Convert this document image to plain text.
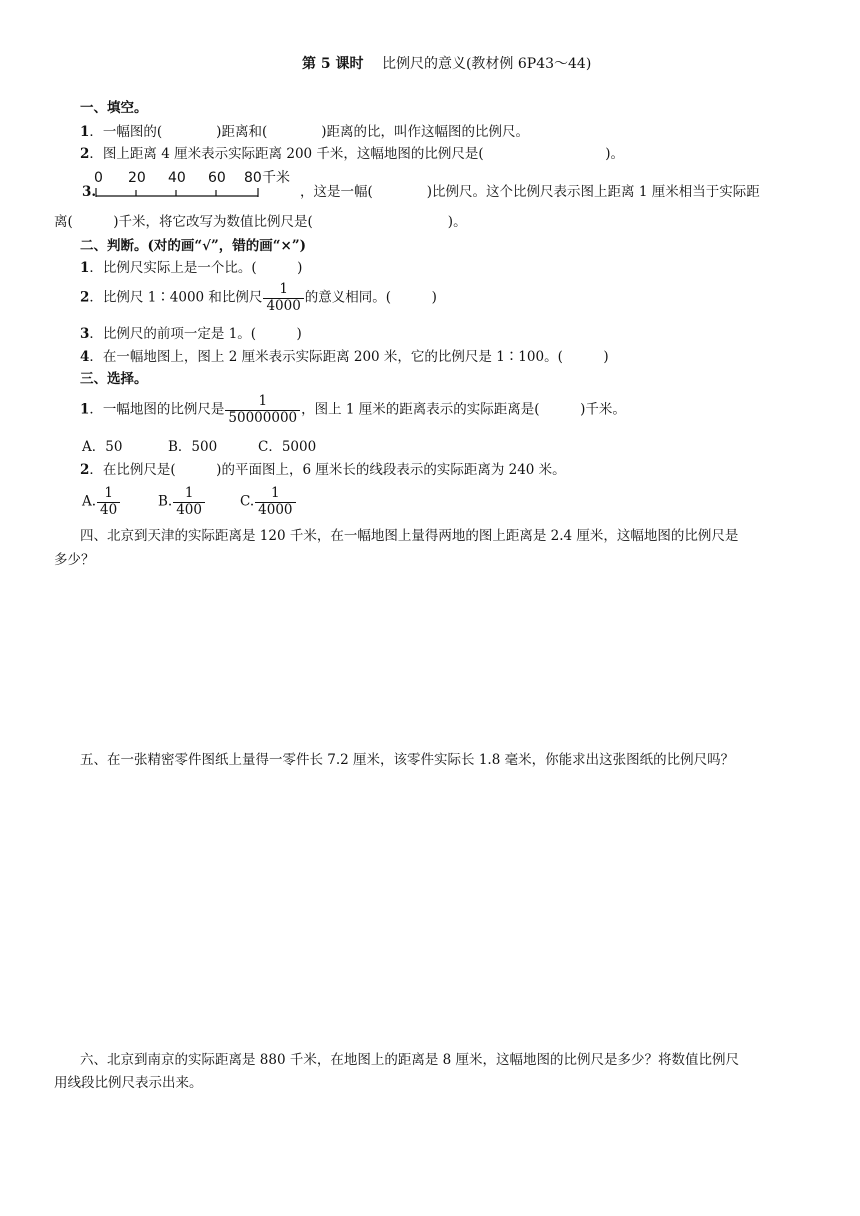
第 5 课时　 比例尺的意义(教材例 6P43～44)
一、填空。
1．一幅图的(　　　　)距离和(　　　　)距离的比，叫作这幅图的比例尺。
2．图上距离 4 厘米表示实际距离 200 千米，这幅地图的比例尺是(　　　　　　　　　)。
3.
0 20 40 60 80 千米
，这是一幅(　　　　)比例尺。这个比例尺表示图上距离 1 厘米相当于实际距
离(　　　)千米，将它改写为数值比例尺是(　　　　　　　　　　)。
二、判断。(对的画“√”，错的画“×”)
1．比例尺实际上是一个比。(　　　)
2．比例尺 1∶4000 和比例尺 $\frac{1}{4000}$ 的意义相同。(　　　)
3．比例尺的前项一定是 1。(　　　)
4．在一幅地图上，图上 2 厘米表示实际距离 200 米，它的比例尺是 1∶100。(　　　)
三、选择。
1．一幅地图的比例尺是 $\frac{1}{50000000}$ ，图上 1 厘米的距离表示的实际距离是(　　　)千米。
A．50	B．500	C．5000
2．在比例尺是(　　　)的平面图上，6 厘米长的线段表示的实际距离为 240 米。
A. $\frac{1}{40}$	B. $\frac{1}{400}$	C. $\frac{1}{4000}$
四、北京到天津的实际距离是 120 千米，在一幅地图上量得两地的图上距离是 2.4 厘米，这幅地图的比例尺是
多少？
五、在一张精密零件图纸上量得一零件长 7.2 厘米，该零件实际长 1.8 毫米，你能求出这张图纸的比例尺吗？
六、北京到南京的实际距离是 880 千米，在地图上的距离是 8 厘米，这幅地图的比例尺是多少？将数值比例尺
用线段比例尺表示出来。
